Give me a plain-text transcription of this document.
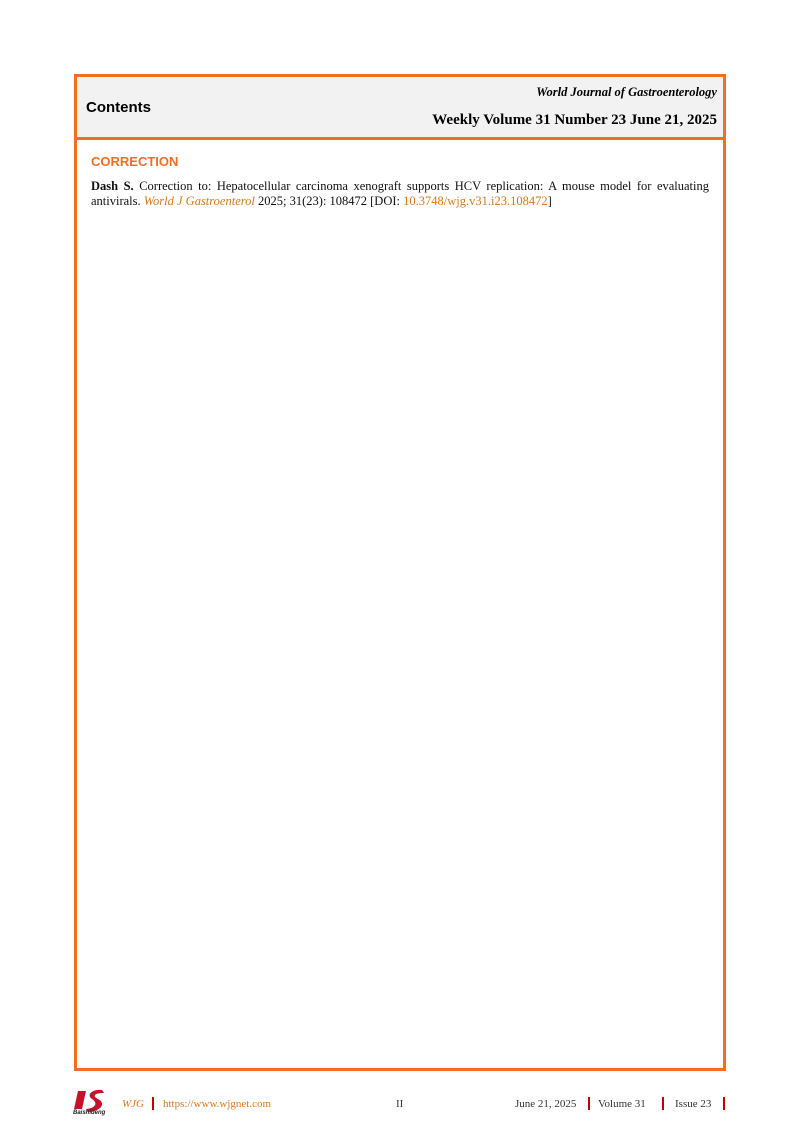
Contents
World Journal of Gastroenterology
Weekly Volume 31 Number 23 June 21, 2025
CORRECTION
Dash S. Correction to: Hepatocellular carcinoma xenograft supports HCV replication: A mouse model for evaluating antivirals. World J Gastroenterol 2025; 31(23): 108472 [DOI: 10.3748/wjg.v31.i23.108472]
Baishideng
WJG https://www.wjgnet.com	II	June 21, 2025 Volume 31	Issue 23
